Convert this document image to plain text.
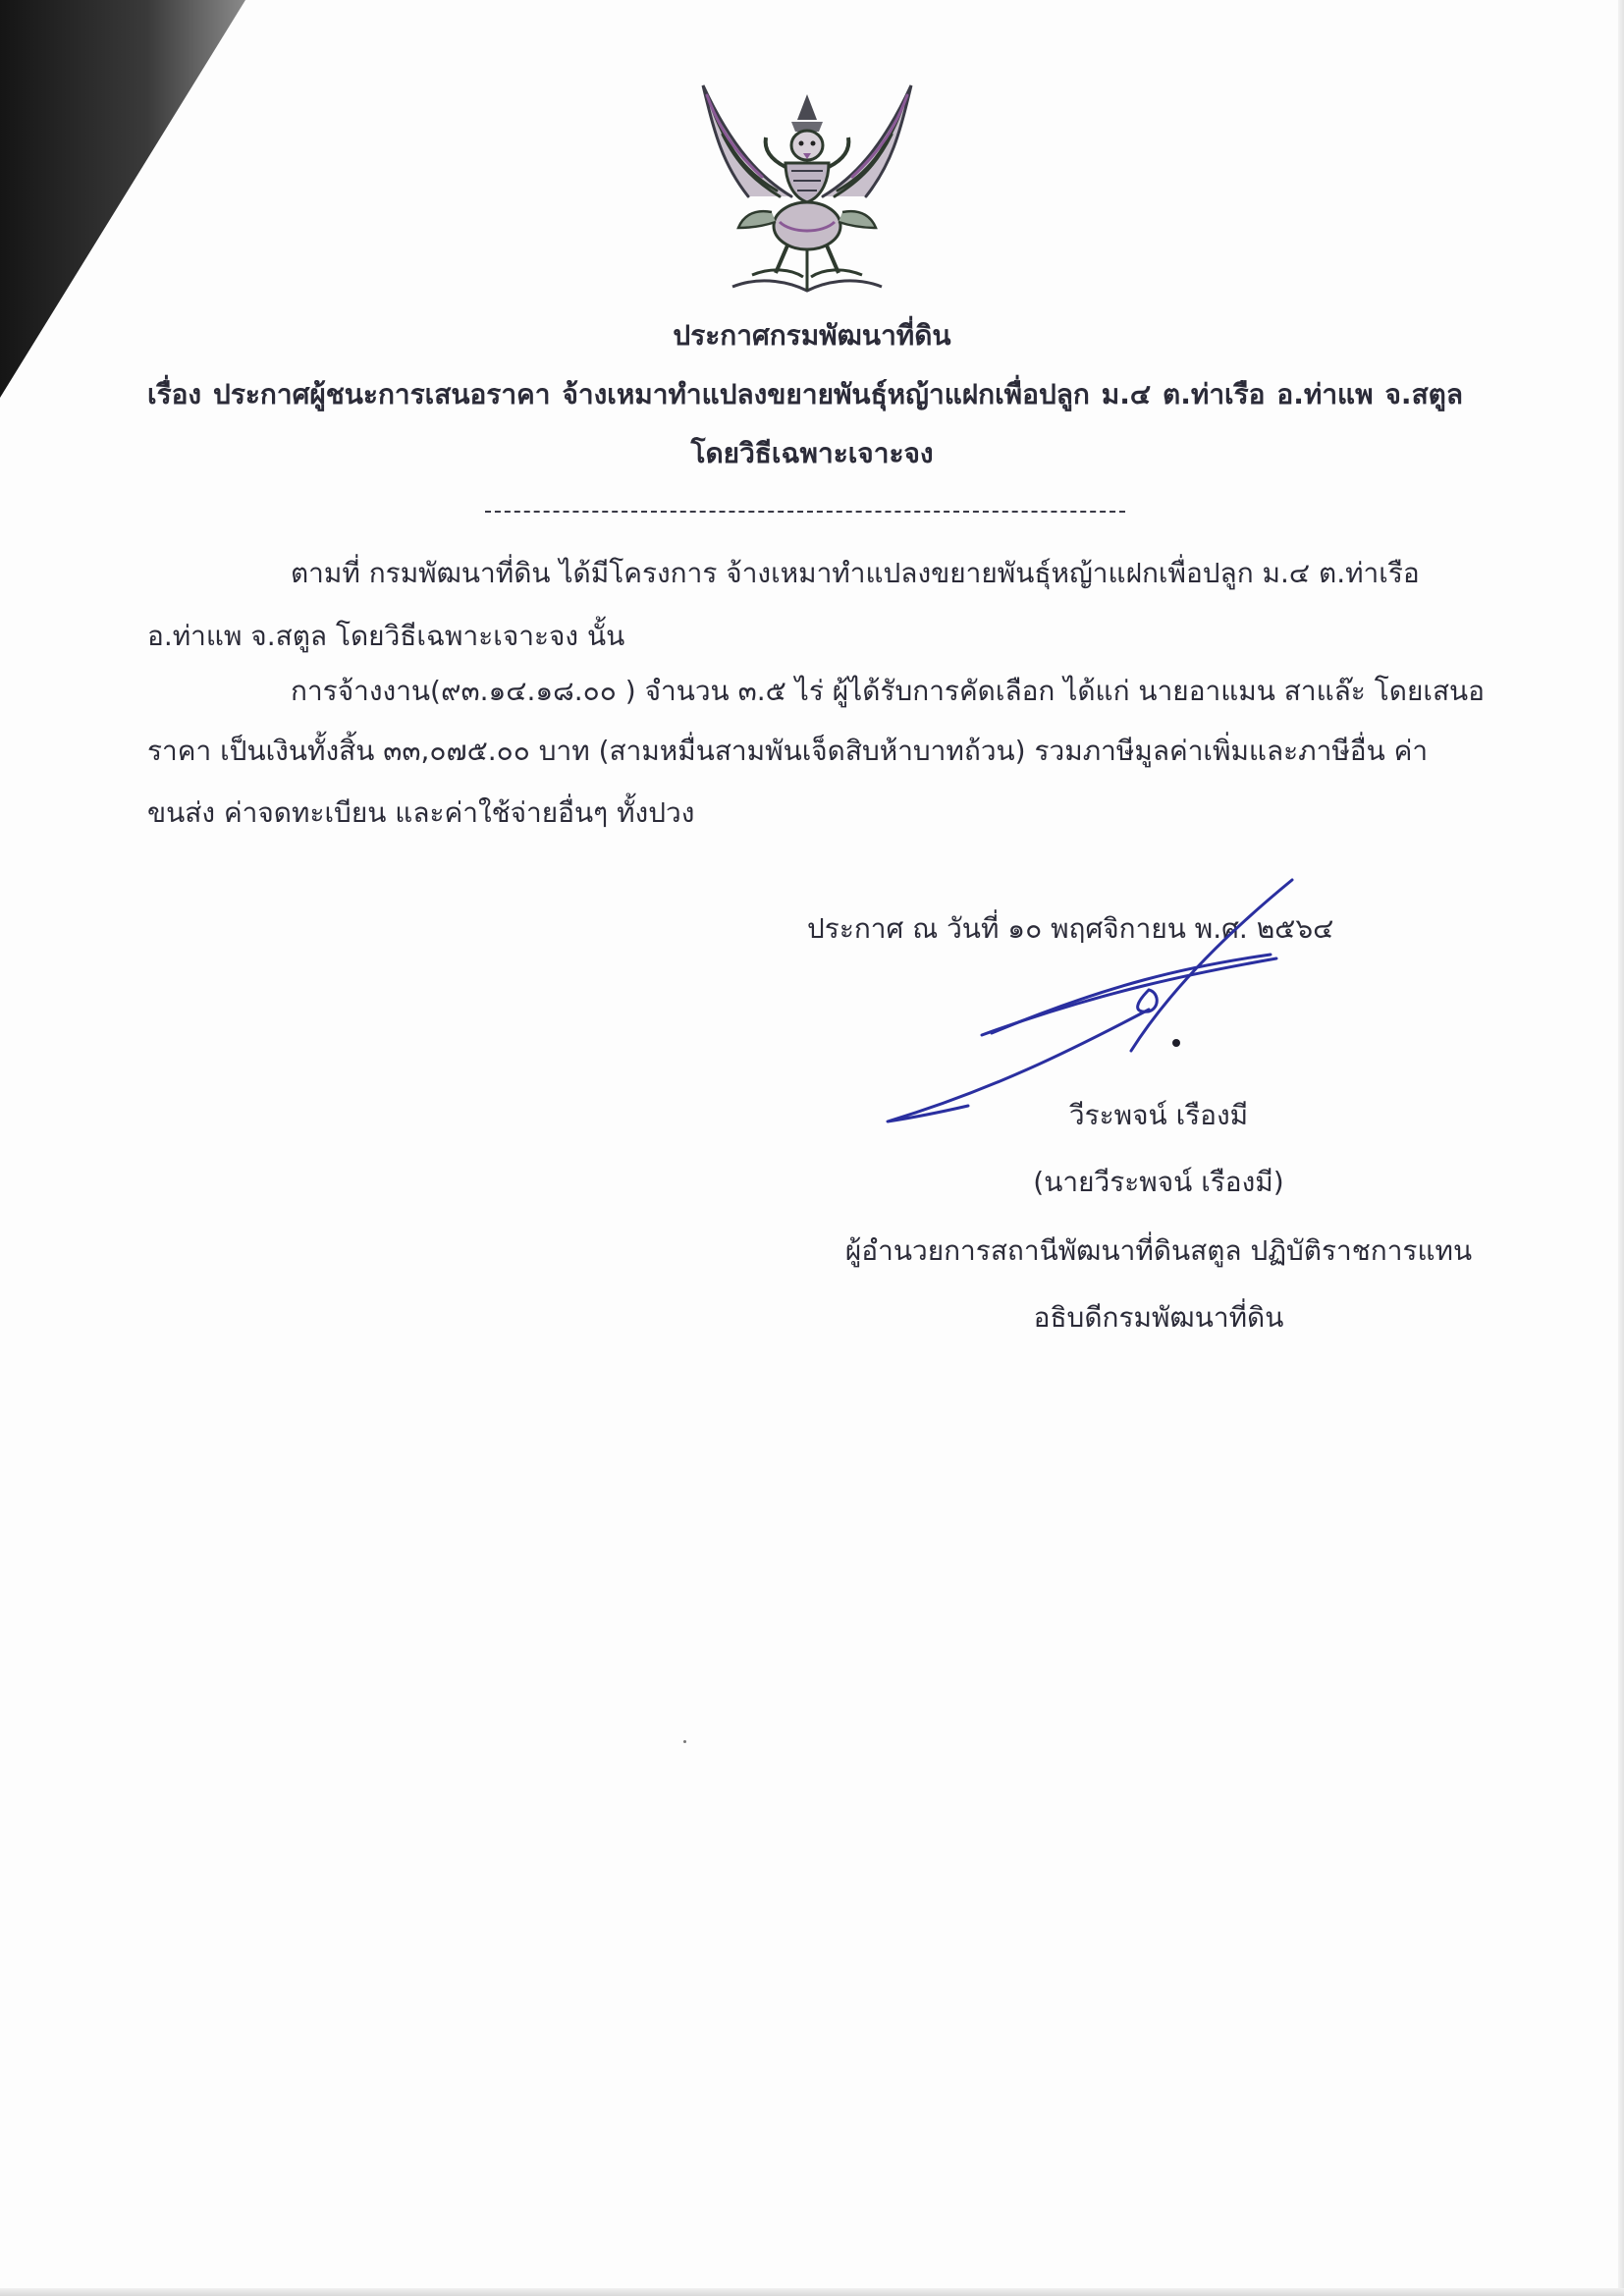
ประกาศกรมพัฒนาที่ดิน
เรื่อง ประกาศผู้ชนะการเสนอราคา จ้างเหมาทำแปลงขยายพันธุ์หญ้าแฝกเพื่อปลูก ม.๔ ต.ท่าเรือ อ.ท่าแพ จ.สตูล
โดยวิธีเฉพาะเจาะจง
ตามที่ กรมพัฒนาที่ดิน ได้มีโครงการ จ้างเหมาทำแปลงขยายพันธุ์หญ้าแฝกเพื่อปลูก ม.๔ ต.ท่าเรือ
อ.ท่าแพ จ.สตูล โดยวิธีเฉพาะเจาะจง นั้น
การจ้างงาน(๙๓.๑๔.๑๘.๐๐ ) จำนวน ๓.๕ ไร่ ผู้ได้รับการคัดเลือก ได้แก่ นายอาแมน สาแล๊ะ โดยเสนอ
ราคา เป็นเงินทั้งสิ้น ๓๓,๐๗๕.๐๐ บาท (สามหมื่นสามพันเจ็ดสิบห้าบาทถ้วน) รวมภาษีมูลค่าเพิ่มและภาษีอื่น ค่า
ขนส่ง ค่าจดทะเบียน และค่าใช้จ่ายอื่นๆ ทั้งปวง
ประกาศ ณ วันที่ ๑๐ พฤศจิกายน พ.ศ. ๒๕๖๔
วีระพจน์ เรืองมี
(นายวีระพจน์ เรืองมี)
ผู้อำนวยการสถานีพัฒนาที่ดินสตูล ปฏิบัติราชการแทน
อธิบดีกรมพัฒนาที่ดิน
